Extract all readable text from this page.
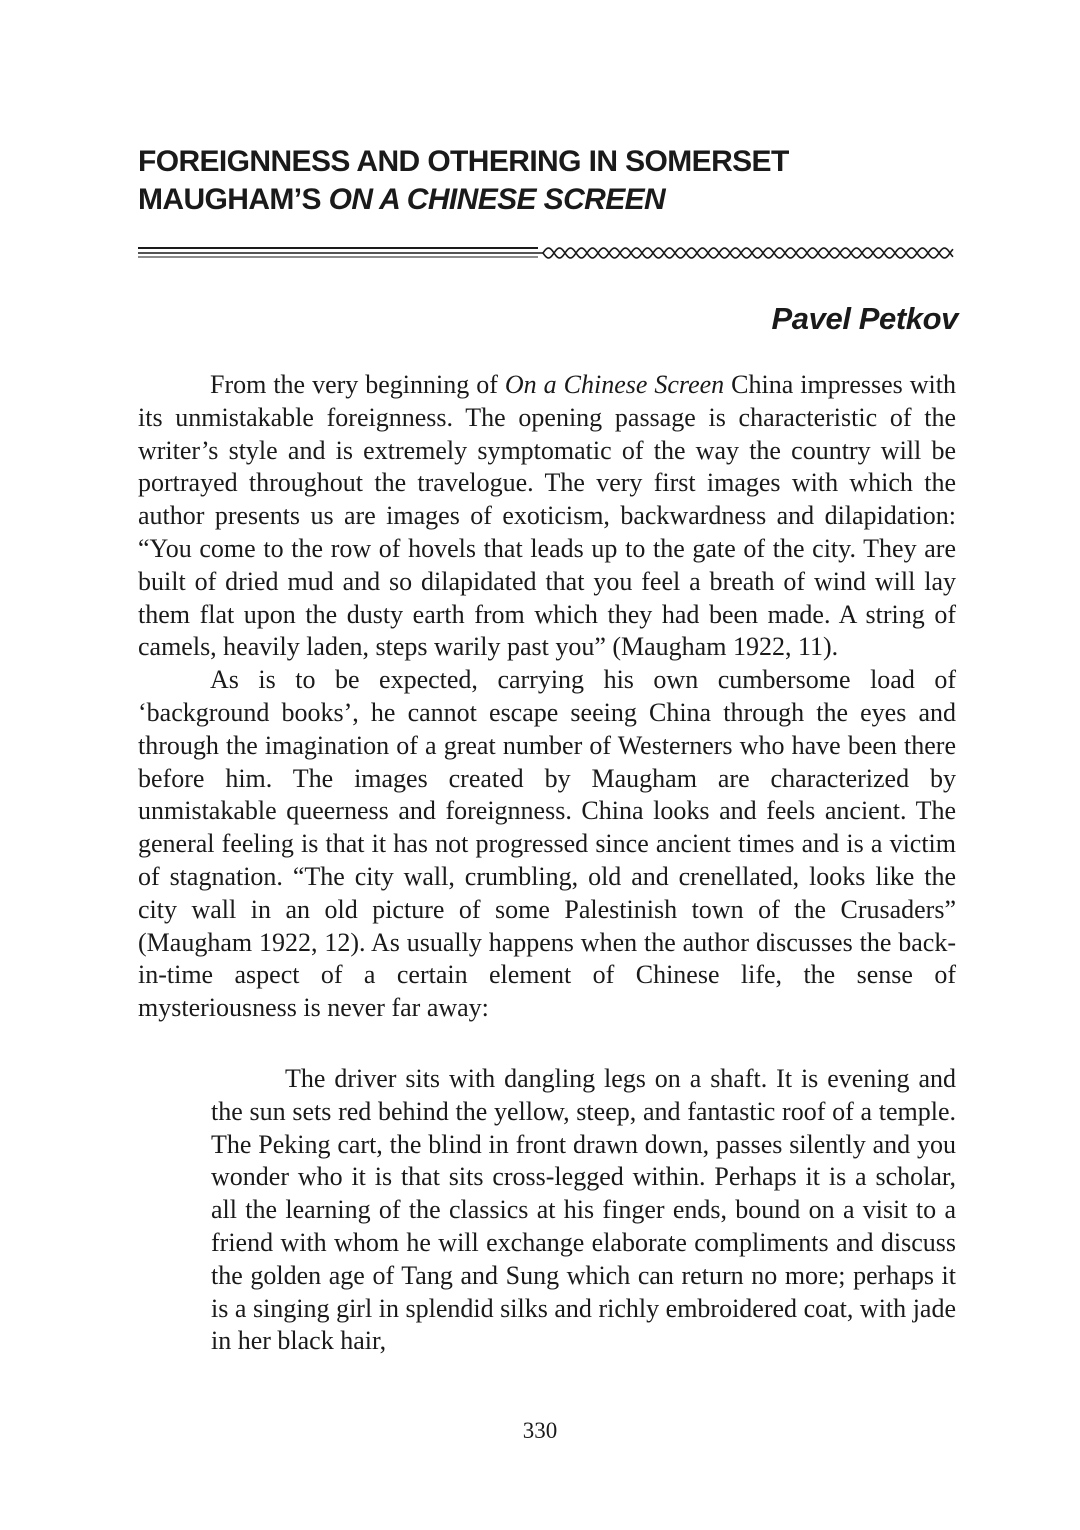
FOREIGNNESS AND OTHERING IN SOMERSET
MAUGHAM’S ON A CHINESE SCREEN

Pavel Petkov

From the very beginning of On a Chinese Screen China impresses with its unmistakable foreignness. The opening passage is characteristic of the writer’s style and is extremely symptomatic of the way the country will be portrayed throughout the travelogue. The very first images with which the author presents us are images of exoticism, backwardness and dilapidation: “You come to the row of hovels that leads up to the gate of the city. They are built of dried mud and so dilapidated that you feel a breath of wind will lay them flat upon the dusty earth from which they had been made. A string of camels, heavily laden, steps warily past you” (Maugham 1922, 11).

As is to be expected, carrying his own cumbersome load of ‘background books’, he cannot escape seeing China through the eyes and through the imagination of a great number of Westerners who have been there before him. The images created by Maugham are characterized by unmistakable queerness and foreignness. China looks and feels ancient. The general feeling is that it has not progressed since ancient times and is a victim of stagnation. “The city wall, crumbling, old and crenellated, looks like the city wall in an old picture of some Palestinish town of the Crusaders” (Maugham 1922, 12). As usually happens when the author discusses the back-in-time aspect of a certain element of Chinese life, the sense of mysteriousness is never far away:

The driver sits with dangling legs on a shaft. It is evening and the sun sets red behind the yellow, steep, and fantastic roof of a temple. The Peking cart, the blind in front drawn down, passes silently and you wonder who it is that sits cross-legged within. Perhaps it is a scholar, all the learning of the classics at his finger ends, bound on a visit to a friend with whom he will exchange elaborate compliments and discuss the golden age of Tang and Sung which can return no more; perhaps it is a singing girl in splendid silks and richly embroidered coat, with jade in her black hair,

330
